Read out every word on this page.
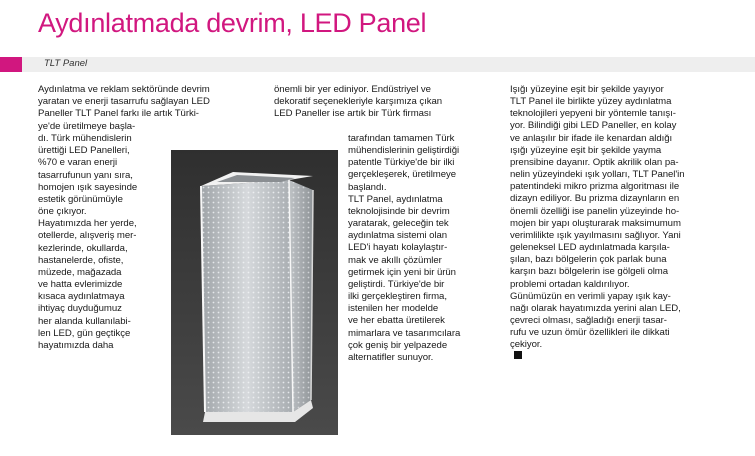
Aydınlatmada devrim, LED Panel
TLT Panel

Aydınlatma ve reklam sektöründe devrim
yaratan ve enerji tasarrufu sağlayan LED
Paneller TLT Panel farkı ile artık Türki-

ye'de üretilmeye başla-
dı. Türk mühendislerin
ürettiği LED Panelleri,
%70 e varan enerji
tasarrufunun yanı sıra,
homojen ışık sayesinde
estetik görünümüyle
öne çıkıyor.
Hayatımızda her yerde,
otellerde, alışveriş mer-
kezlerinde, okullarda,
hastanelerde, ofiste,
müzede, mağazada
ve hatta evlerimizde
kısaca aydınlatmaya
ihtiyaç duyduğumuz
her alanda kullanılabi-
len LED, gün geçtikçe
hayatımızda daha

önemli bir yer ediniyor. Endüstriyel ve
dekoratif seçenekleriyle karşımıza çıkan
LED Paneller ise artık bir Türk firması

tarafından tamamen Türk
mühendislerinin geliştirdiği
patentle Türkiye'de bir ilki
gerçekleşerek, üretilmeye
başlandı.
TLT Panel, aydınlatma
teknolojisinde bir devrim
yaratarak, geleceğin tek
aydınlatma sistemi olan
LED'i hayatı kolaylaştır-
mak ve akıllı çözümler
getirmek için yeni bir ürün
geliştirdi. Türkiye'de bir
ilki gerçekleştiren firma,
istenilen her modelde
ve her ebatta üretilerek
mimarlara ve tasarımcılara
çok geniş bir yelpazede
alternatifler sunuyor.

Işığı yüzeyine eşit bir şekilde yayıyor
TLT Panel ile birlikte yüzey aydınlatma
teknolojileri yepyeni bir yöntemle tanışı-
yor. Bilindiği gibi LED Paneller, en kolay
ve anlaşılır bir ifade ile kenardan aldığı
ışığı yüzeyine eşit bir şekilde yayma
prensibine dayanır. Optik akrilik olan pa-
nelin yüzeyindeki ışık yolları, TLT Panel'in
patentindeki mikro prizma algoritması ile
dizayn ediliyor. Bu prizma dizaynların en
önemli özelliği ise panelin yüzeyinde ho-
mojen bir yapı oluşturarak maksimumum
verimlilikte ışık yayılmasını sağlıyor. Yani
geleneksel LED aydınlatmada karşıla-
şılan, bazı bölgelerin çok parlak buna
karşın bazı bölgelerin ise gölgeli olma
problemi ortadan kaldırılıyor.
Günümüzün en verimli yapay ışık kay-
nağı olarak hayatımızda yerini alan LED,
çevreci olması, sağladığı enerji tasar-
rufu ve uzun ömür özellikleri ile dikkati
çekiyor.
